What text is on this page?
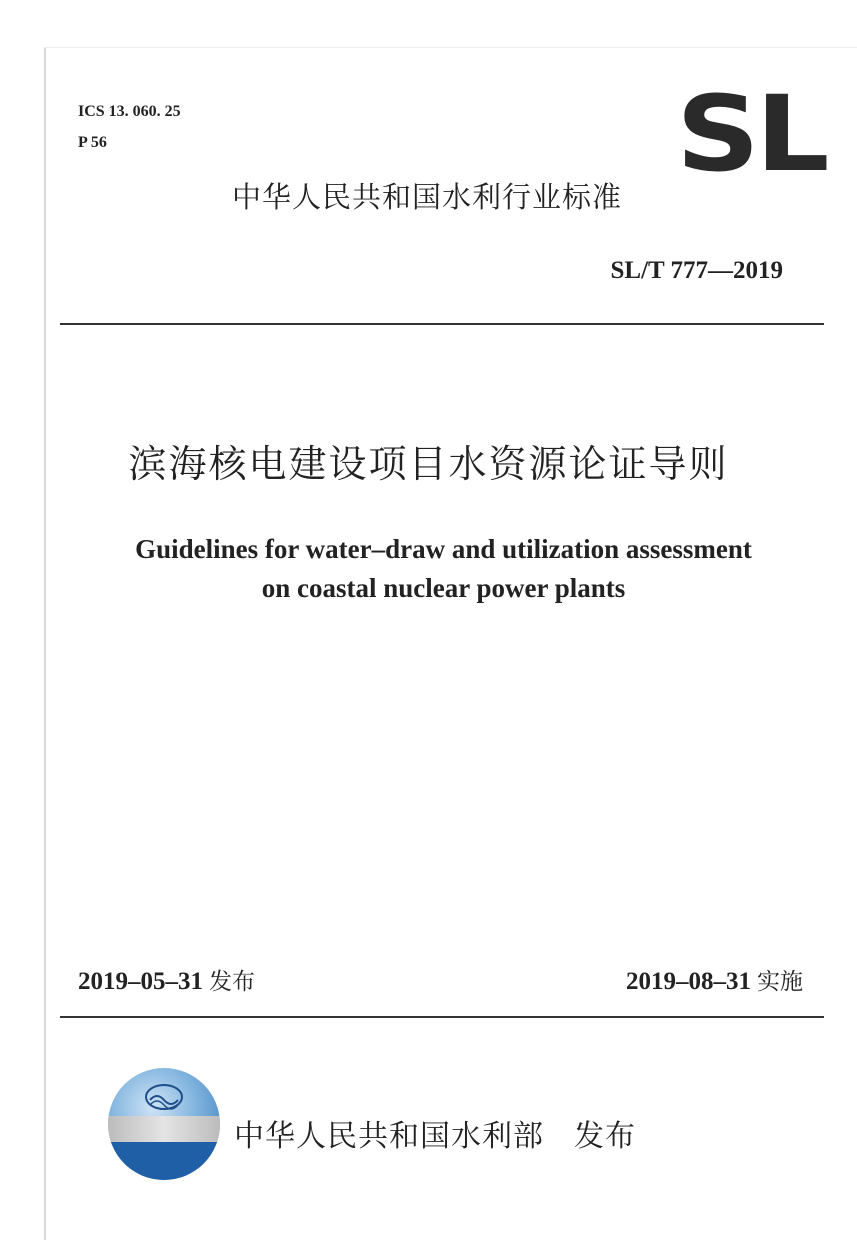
ICS 13. 060. 25
P 56	SL
中华人民共和国水利行业标准
SL/T 777—2019
滨海核电建设项目水资源论证导则
Guidelines for water–draw and utilization assessment
on coastal nuclear power plants
2019–05–31 发布	2019–08–31 实施
中华人民共和国水利部 发布
